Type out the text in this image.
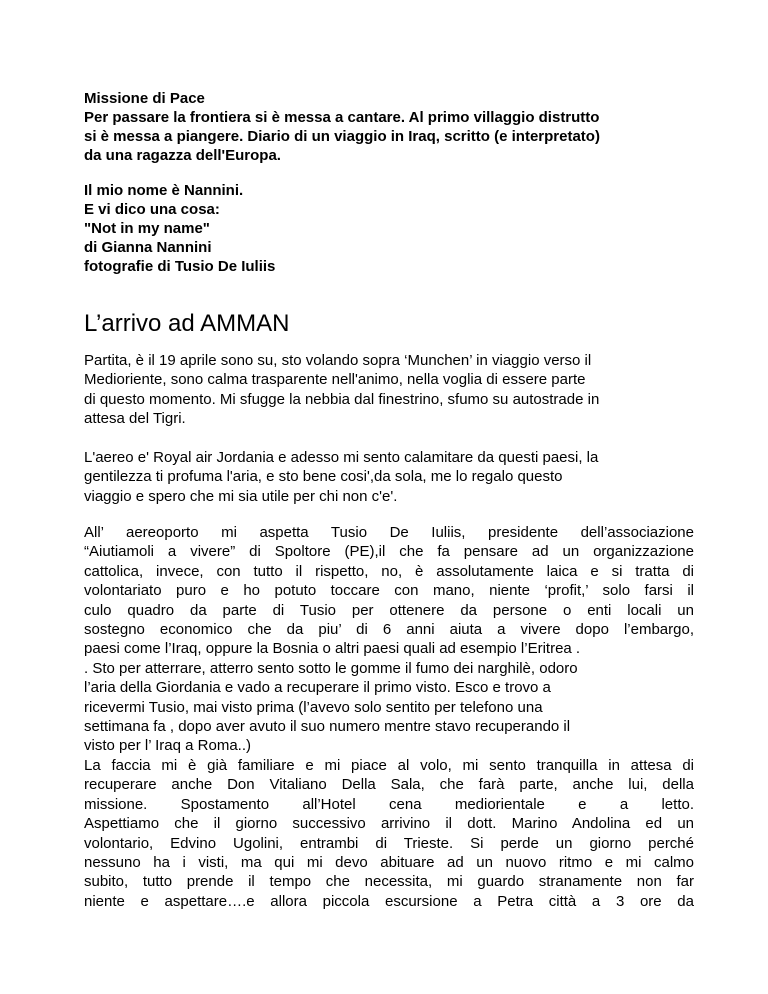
Missione di Pace
Per passare la frontiera si è messa a cantare. Al primo villaggio distrutto
si è messa a piangere. Diario di un viaggio in Iraq, scritto (e interpretato)
da una ragazza dell'Europa.
Il mio nome è Nannini.
E vi dico una cosa:
"Not in my name"
di Gianna Nannini
fotografie di Tusio De Iuliis
L’arrivo ad AMMAN
Partita, è il 19 aprile sono su, sto volando sopra ‘Munchen’ in viaggio verso il
Medioriente, sono calma trasparente nell'animo, nella voglia di essere parte
di questo momento. Mi sfugge la nebbia dal finestrino, sfumo su autostrade in
attesa del Tigri.
L'aereo e' Royal air Jordania e adesso mi sento calamitare da questi paesi, la
gentilezza ti profuma l'aria, e sto bene cosi',da sola, me lo regalo questo
viaggio e spero che mi sia utile per chi non c'e'.
All’ aereoporto mi aspetta Tusio De Iuliis, presidente dell’associazione
“Aiutiamoli a vivere” di Spoltore (PE),il che fa pensare ad un organizzazione
cattolica, invece, con tutto il rispetto, no, è assolutamente laica e si tratta di
volontariato puro e ho potuto toccare con mano, niente ‘profit,’ solo farsi il
culo quadro da parte di Tusio per ottenere da persone o enti locali un
sostegno economico che da piu’ di 6 anni aiuta a vivere dopo l’embargo,
paesi come l’Iraq, oppure la Bosnia o altri paesi quali ad esempio l’Eritrea .
. Sto per atterrare, atterro sento sotto le gomme il fumo dei narghilè, odoro
l’aria della Giordania e vado a recuperare il primo visto. Esco e trovo a
ricevermi Tusio, mai visto prima (l’avevo solo sentito per telefono una
settimana fa , dopo aver avuto il suo numero mentre stavo recuperando il
visto per l’ Iraq a Roma..)
La faccia mi è già familiare e mi piace al volo, mi sento tranquilla in attesa di
recuperare anche Don Vitaliano Della Sala, che farà parte, anche lui, della
missione. Spostamento all’Hotel cena mediorientale e a letto.
Aspettiamo che il giorno successivo arrivino il dott. Marino Andolina ed un
volontario, Edvino Ugolini, entrambi di Trieste. Si perde un giorno perché
nessuno ha i visti, ma qui mi devo abituare ad un nuovo ritmo e mi calmo
subito, tutto prende il tempo che necessita, mi guardo stranamente non far
niente e aspettare….e allora piccola escursione a Petra città a 3 ore da
